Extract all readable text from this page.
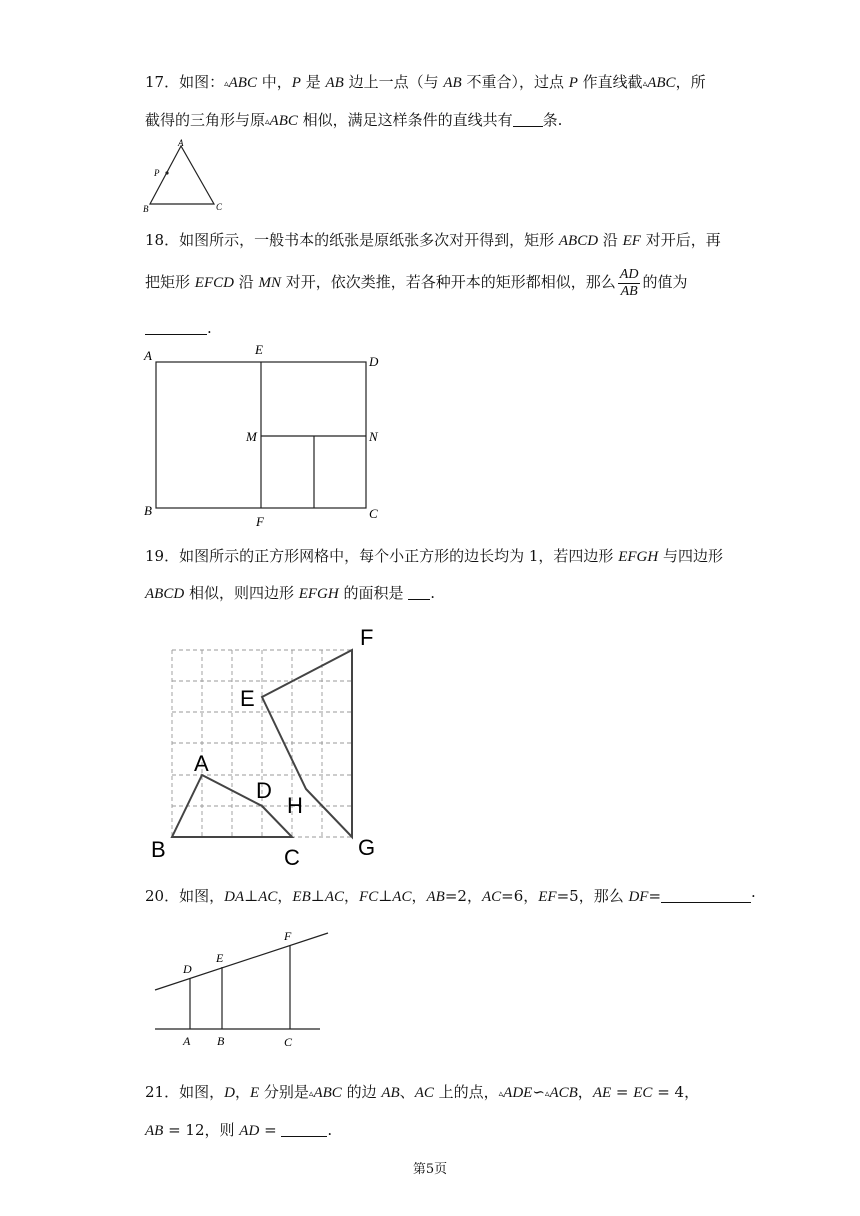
17．如图：▵ABC 中，P 是 AB 边上一点（与 AB 不重合），过点 P 作直线截▵ABC，所
截得的三角形与原▵ABC 相似，满足这样条件的直线共有 条.
A
P
B	C
18．如图所示，一般书本的纸张是原纸张多次对开得到，矩形 ABCD 沿 EF 对开后，再
把矩形 EFCD 沿 MN 对开，依次类推，若各种开本的矩形都相似，那么 $\frac{AD}{AB}$ 的值为
.
A	E
D
M	N
B
F
C
19．如图所示的正方形网格中，每个小正方形的边长均为 1，若四边形 EFGH 与四边形
ABCD 相似，则四边形 EFGH 的面积是 .
A
B	C
D
E
F
G
H
20．如图，DA⊥AC，EB⊥AC，FC⊥AC，AB=2，AC=6，EF=5，那么 DF=	·
D
E
F
A B	C
21．如图，D，E 分别是▵ABC 的边 AB、AC 上的点，▵ADE∽▵ACB，AE = EC = 4，
AB = 12，则 AD =	.
第5页
